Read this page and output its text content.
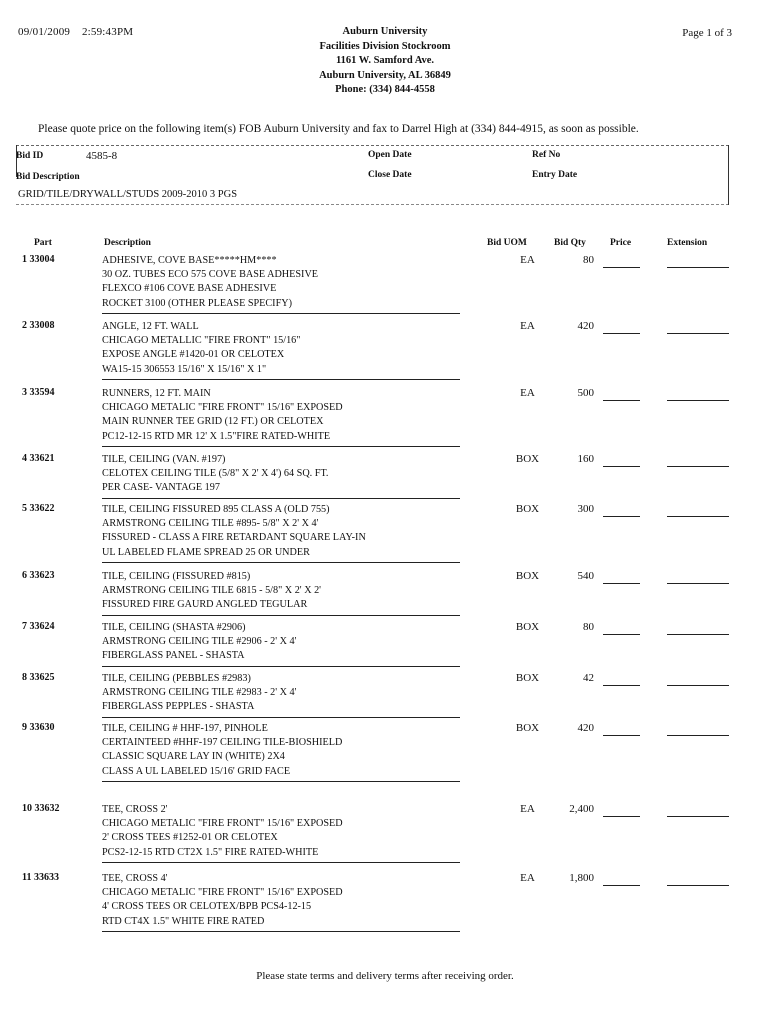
09/01/2009 2:59:43PM	Auburn University
Facilities Division Stockroom
1161 W. Samford Ave.
Auburn University, AL 36849
Phone: (334) 844-4558
Page 1 of 3
Please quote price on the following item(s) FOB Auburn University and fax to Darrel High at (334) 844-4915, as soon as possible.
Bid ID	4585-8	Open Date	Ref No
Bid Description	Close Date	Entry Date
GRID/TILE/DRYWALL/STUDS 2009-2010 3 PGS
Part	Description	Bid UOM	Bid Qty	Price	Extension
1 33004	ADHESIVE, COVE BASE*****HM****
30 OZ. TUBES ECO 575 COVE BASE ADHESIVE
FLEXCO #106 COVE BASE ADHESIVE
ROCKET 3100 (OTHER PLEASE SPECIFY)
EA	80
2 33008	ANGLE, 12 FT. WALL
CHICAGO METALLIC "FIRE FRONT" 15/16"
EXPOSE ANGLE #1420-01 OR CELOTEX
WA15-15 306553 15/16" X 15/16" X 1"
EA	420
3 33594	RUNNERS, 12 FT. MAIN
CHICAGO METALIC "FIRE FRONT" 15/16" EXPOSED
MAIN RUNNER TEE GRID (12 FT.) OR CELOTEX
PC12-12-15 RTD MR 12' X 1.5"FIRE RATED-WHITE
EA	500
4 33621	TILE, CEILING (VAN. #197)
CELOTEX CEILING TILE (5/8" X 2' X 4') 64 SQ. FT.
PER CASE- VANTAGE 197
BOX	160
5 33622	TILE, CEILING FISSURED 895 CLASS A (OLD 755)
ARMSTRONG CEILING TILE #895- 5/8" X 2' X 4'
FISSURED - CLASS A FIRE RETARDANT SQUARE LAY-IN
UL LABELED FLAME SPREAD 25 OR UNDER
BOX	300
6 33623	TILE, CEILING (FISSURED #815)
ARMSTRONG CEILING TILE 6815 - 5/8" X 2' X 2'
FISSURED FIRE GAURD ANGLED TEGULAR
BOX	540
7 33624	TILE, CEILING (SHASTA #2906)
ARMSTRONG CEILING TILE #2906 - 2' X 4'
FIBERGLASS PANEL - SHASTA
BOX	80
8 33625	TILE, CEILING (PEBBLES #2983)
ARMSTRONG CEILING TILE #2983 - 2' X 4'
FIBERGLASS PEPPLES - SHASTA
BOX	42
9 33630	TILE, CEILING # HHF-197, PINHOLE
CERTAINTEED #HHF-197 CEILING TILE-BIOSHIELD
CLASSIC SQUARE LAY IN (WHITE) 2X4
CLASS A UL LABELED 15/16' GRID FACE
BOX	420
10 33632	TEE, CROSS 2'
CHICAGO METALIC "FIRE FRONT" 15/16" EXPOSED
2' CROSS TEES #1252-01 OR CELOTEX
PCS2-12-15 RTD CT2X 1.5" FIRE RATED-WHITE
EA	2,400
11 33633	TEE, CROSS 4'
CHICAGO METALIC "FIRE FRONT" 15/16" EXPOSED
4' CROSS TEES OR CELOTEX/BPB PCS4-12-15
RTD CT4X 1.5" WHITE FIRE RATED
EA	1,800
Please state terms and delivery terms after receiving order.
